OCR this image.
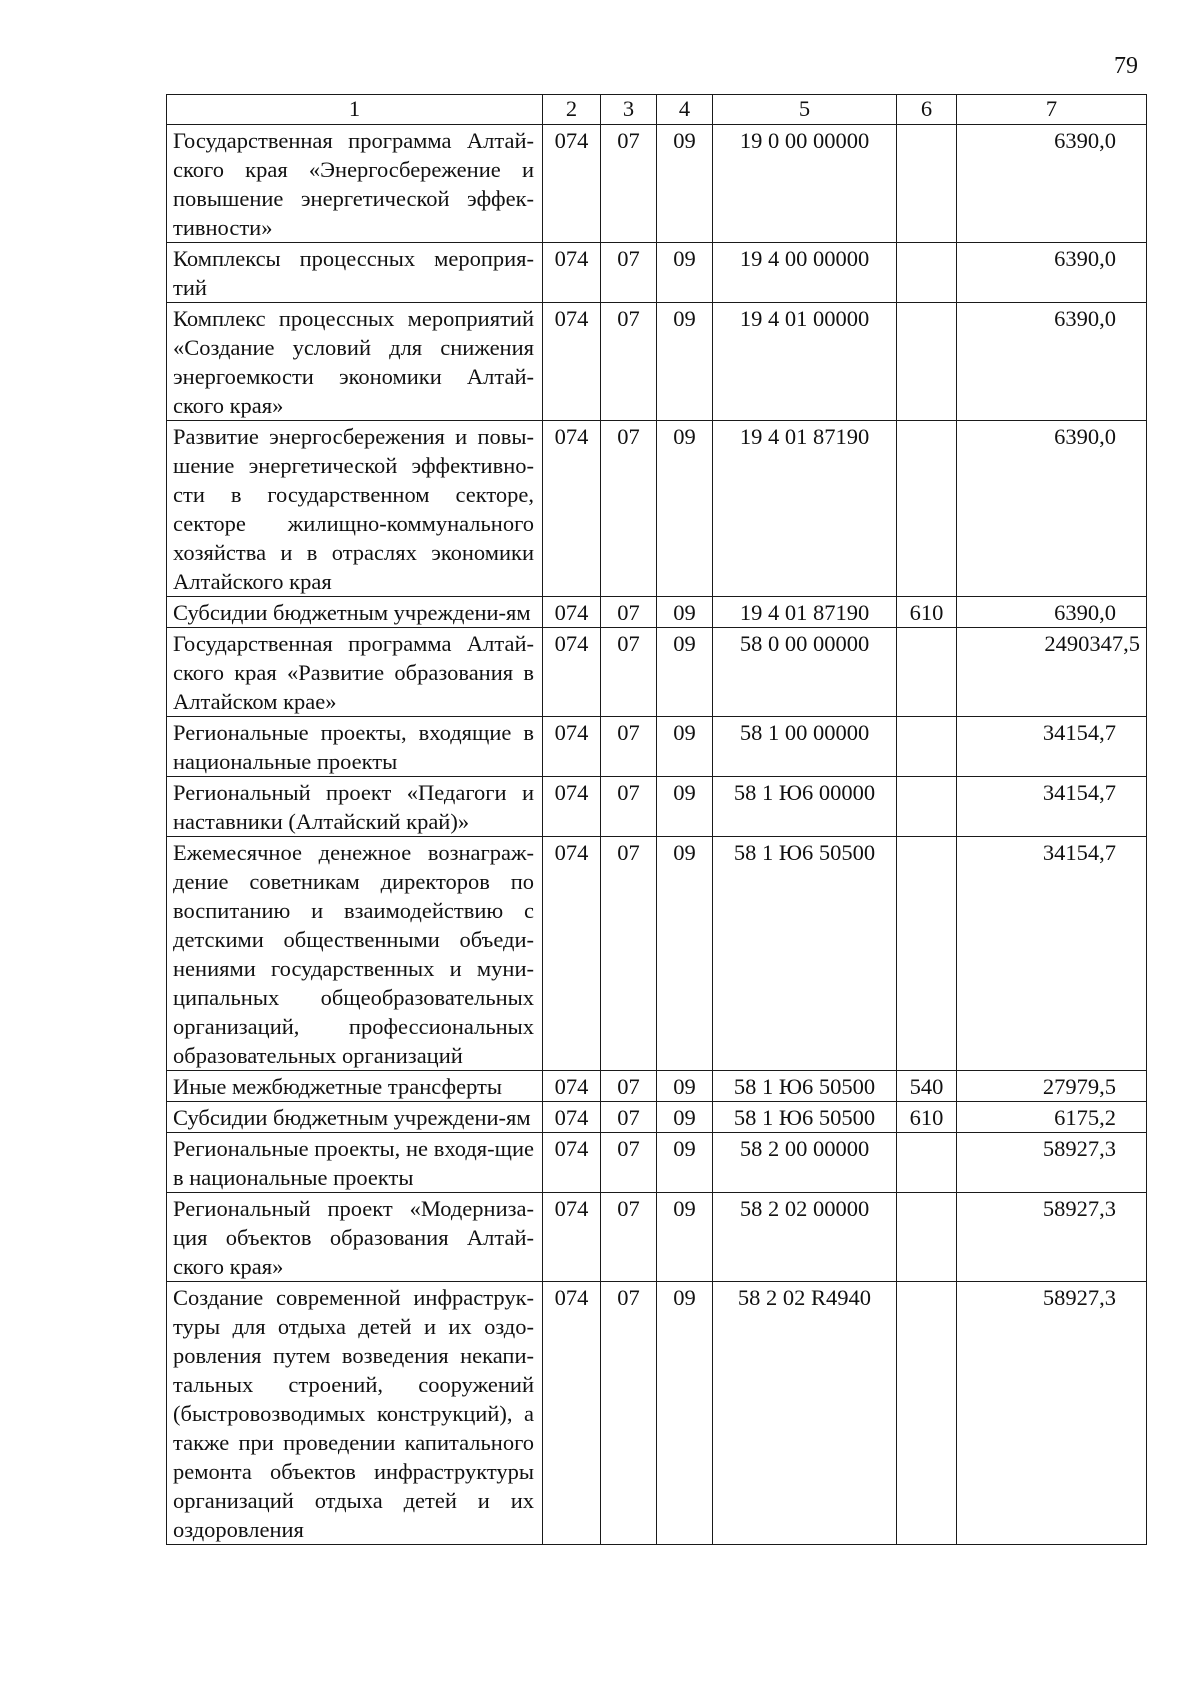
79
1	2	3	4	5	6	7
Государственная программа Алтай-ского края «Энергосбережение и повышение энергетической эффек-тивности»	074	07	09	19 0 00 00000		6390,0
Комплексы процессных мероприя-тий	074	07	09	19 4 00 00000		6390,0
Комплекс процессных мероприятий «Создание условий для снижения энергоемкости экономики Алтай-ского края»	074	07	09	19 4 01 00000		6390,0
Развитие энергосбережения и повы-шение энергетической эффективно-сти в государственном секторе, секторе жилищно-коммунального хозяйства и в отраслях экономики Алтайского края	074	07	09	19 4 01 87190		6390,0
Субсидии бюджетным учреждени-ям	074	07	09	19 4 01 87190	610	6390,0
Государственная программа Алтай-ского края «Развитие образования в Алтайском крае»	074	07	09	58 0 00 00000		2490347,5
Региональные проекты, входящие в национальные проекты	074	07	09	58 1 00 00000		34154,7
Региональный проект «Педагоги и наставники (Алтайский край)»	074	07	09	58 1 Ю6 00000		34154,7
Ежемесячное денежное вознаграж-дение советникам директоров по воспитанию и взаимодействию с детскими общественными объеди-нениями государственных и муни-ципальных общеобразовательных организаций, профессиональных образовательных организаций	074	07	09	58 1 Ю6 50500		34154,7
Иные межбюджетные трансферты	074	07	09	58 1 Ю6 50500	540	27979,5
Субсидии бюджетным учреждени-ям	074	07	09	58 1 Ю6 50500	610	6175,2
Региональные проекты, не входя-щие в национальные проекты	074	07	09	58 2 00 00000		58927,3
Региональный проект «Модерниза-ция объектов образования Алтай-ского края»	074	07	09	58 2 02 00000		58927,3
Создание современной инфраструк-туры для отдыха детей и их оздо-ровления путем возведения некапи-тальных строений, сооружений (быстровозводимых конструкций), а также при проведении капитального ремонта объектов инфраструктуры организаций отдыха детей и их оздоровления	074	07	09	58 2 02 R4940		58927,3
